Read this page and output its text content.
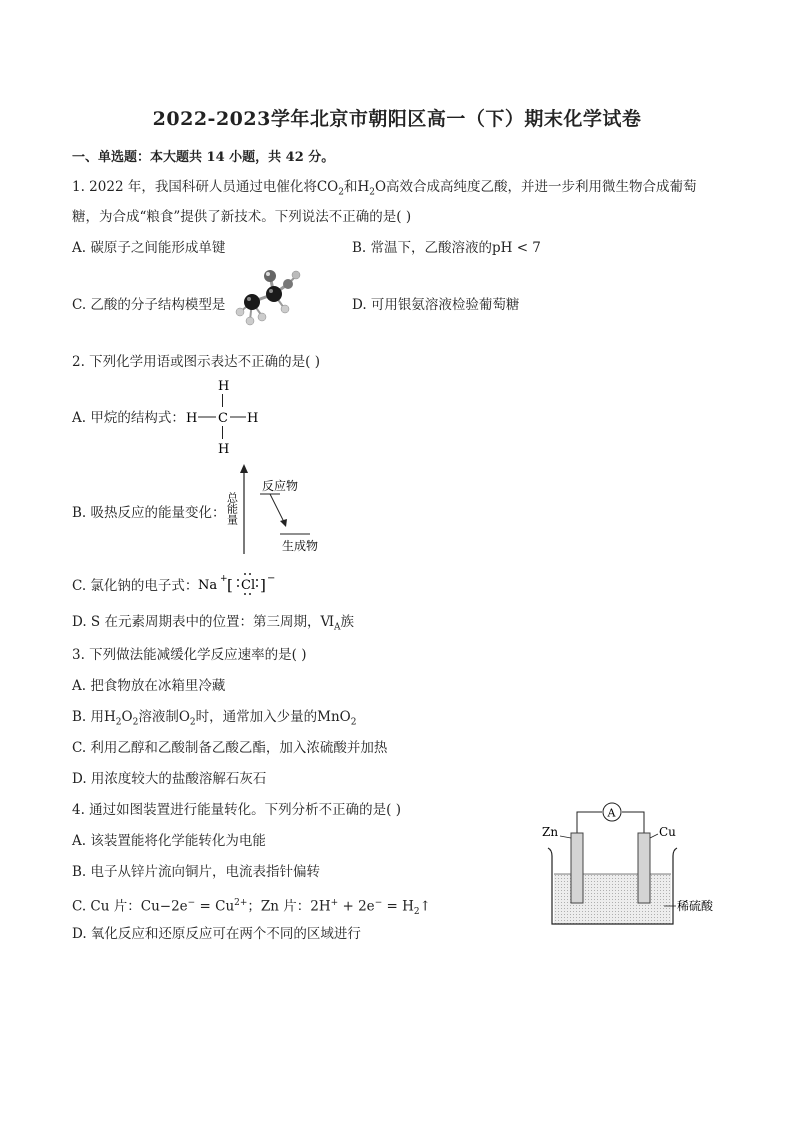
2022-2023学年北京市朝阳区高一（下）期末化学试卷
一、单选题：本大题共 14 小题，共 42 分。
1. 2022 年，我国科研人员通过电催化将$CO_2$和$H_2O$高效合成高纯度乙酸，并进一步利用微生物合成葡萄
糖，为合成“粮食”提供了新技术。下列说法不正确的是( )
A. 碳原子之间能形成单键	B. 常温下，乙酸溶液的pH < 7
C. 乙酸的分子结构模型是	D. 可用银氨溶液检验葡萄糖
2. 下列化学用语或图示表达不正确的是( )
A. 甲烷的结构式：
H
H C H
H
B. 吸热反应的能量变化： 总能量
反应物
生成物
C. 氯化钠的电子式： Na + [ Cl ] −
D. S 在元素周期表中的位置：第三周期，$Ⅵ_A$族
3. 下列做法能减缓化学反应速率的是( )
A. 把食物放在冰箱里冷藏
B. 用$H_2O_2$溶液制$O_2$时，通常加入少量的MnO$_2$
C. 利用乙醇和乙酸制备乙酸乙酯，加入浓硫酸并加热
D. 用浓度较大的盐酸溶解石灰石
4. 通过如图装置进行能量转化。下列分析不正确的是( )
A. 该装置能将化学能转化为电能
B. 电子从锌片流向铜片，电流表指针偏转
C. Cu 片：$Cu-2e^- = Cu^{2+}$；Zn 片：$2H^+ + 2e^- = H_2↑$
D. 氧化反应和还原反应可在两个不同的区域进行
A
Zn	Cu
稀硫酸
